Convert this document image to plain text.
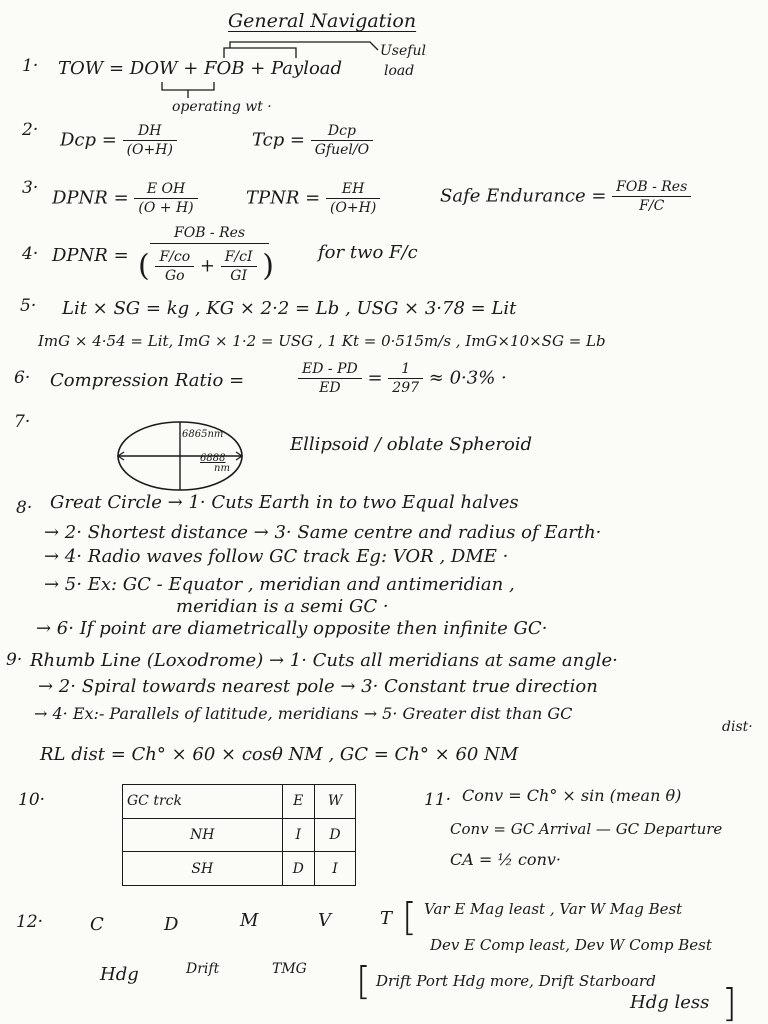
General Navigation
1· TOW = DOW + FOB + Payload
Useful
load
operating wt ·
2· Dcp = $\frac{DH}{(O+H)}$	Tcp = $\frac{\text{Dcp}}{\text{Gfuel/O}}$
3· DPNR = $\frac{\text{E OH}}{(O + H)}$	TPNR = $\frac{EH}{(O+H)}$	Safe Endurance = $\frac{\text{FOB - Res}}{F/C}$
4· DPNR =
FOB - Res
( $\frac{F/co}{Go} + \frac{F/cI}{GI}$ ) for two F/c
5· Lit × SG = kg , KG × 2·2 = Lb , USG × 3·78 = Lit
ImG × 4·54 = Lit, ImG × 1·2 = USG , 1 Kt = 0·515m/s , ImG×10×SG = Lb
6· Compression Ratio =	$\frac{ED - PD}{ED} = \frac{1}{297} \approx 0\cdot 3\%$ ·
7·
6865nm
6888
nm
Ellipsoid / oblate Spheroid
8· Great Circle → 1· Cuts Earth in to two Equal halves
→ 2· Shortest distance → 3· Same centre and radius of Earth·
→ 4· Radio waves follow GC track Eg: VOR , DME ·
→ 5· Ex: GC - Equator , meridian and antimeridian ,
meridian is a semi GC ·
→ 6· If point are diametrically opposite then infinite GC·
9· Rhumb Line (Loxodrome) → 1· Cuts all meridians at same angle·
→ 2· Spiral towards nearest pole → 3· Constant true direction
→ 4· Ex:- Parallels of latitude, meridians → 5· Greater dist than GC
dist·
RL dist = Ch° × 60 × cosθ NM , GC = Ch° × 60 NM
10·	GC trck	E	W
NH	I	D
SH	D	I
11· Conv = Ch° × sin (mean θ)
Conv = GC Arrival — GC Departure
CA = ½ conv·
12·	C	D	M	V	T [ Var E Mag least , Var W Mag Best
Dev E Comp least, Dev W Comp Best
Hdg	Drift	TMG [ Drift Port Hdg more, Drift Starboard
Hdg less ]
